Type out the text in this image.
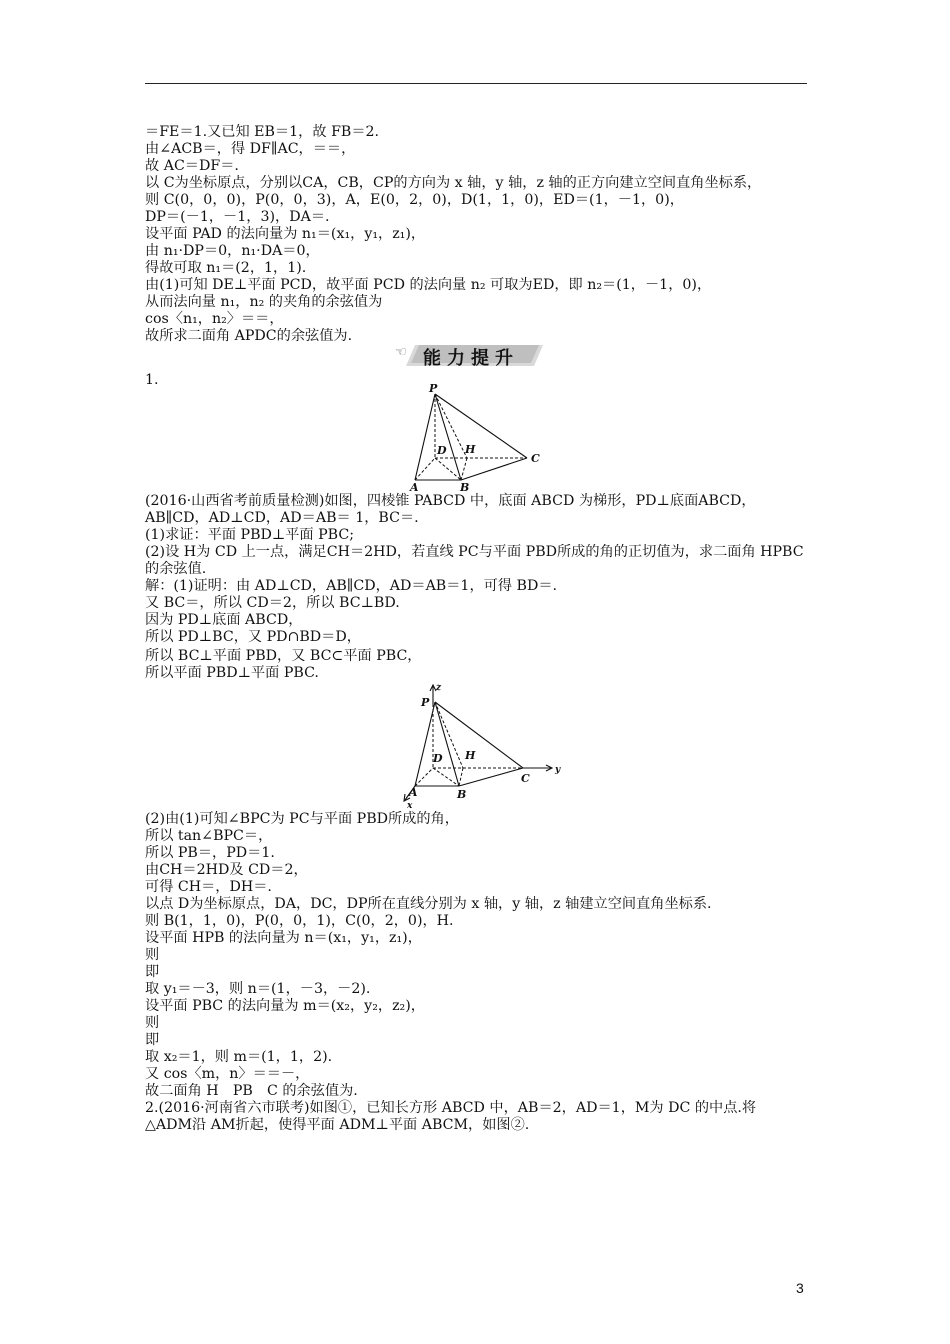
＝FE＝1.又已知 EB＝1，故 FB＝2.
由∠ACB＝，得 DF∥AC，＝＝，
故 AC＝DF＝.
以 C为坐标原点，分别以CA，CB，CP的方向为 x 轴，y 轴，z 轴的正方向建立空间直角坐标系，
则 C(0，0，0)，P(0，0，3)，A，E(0，2，0)，D(1，1，0)，ED＝(1，－1，0)，
DP＝(－1，－1，3)，DA＝.
设平面 PAD 的法向量为 n₁＝(x₁，y₁，z₁)，
由 n₁·DP＝0，n₁·DA＝0，
得故可取 n₁＝(2，1，1).
由(1)可知 DE⊥平面 PCD，故平面 PCD 的法向量 n₂ 可取为ED，即 n₂＝(1，－1，0)，
从而法向量 n₁，n₂ 的夹角的余弦值为
cos〈n₁，n₂〉＝＝，
故所求二面角 APDC的余弦值为.
☜ 能力提升
1.
P
D H
C
A	B
(2016·山西省考前质量检测)如图，四棱锥 PABCD 中，底面 ABCD 为梯形，PD⊥底面ABCD，AB∥CD，AD⊥CD，AD＝AB＝ 1，BC＝.
(1)求证：平面 PBD⊥平面 PBC;
(2)设 H为 CD 上一点，满足CH＝2HD，若直线 PC与平面 PBD所成的角的正切值为，求二面角 HPBC的余弦值.
解：(1)证明：由 AD⊥CD，AB∥CD，AD＝AB＝1，可得 BD＝.
又 BC＝，所以 CD＝2，所以 BC⊥BD.
因为 PD⊥底面 ABCD，
所以 PD⊥BC，又 PD∩BD＝D，
所以 BC⊥平面 PBD，又 BC⊂平面 PBC，
所以平面 PBD⊥平面 PBC.
z
P
D H
C
y
A	B
x
(2)由(1)可知∠BPC为 PC与平面 PBD所成的角，
所以 tan∠BPC＝，
所以 PB＝，PD＝1.
由CH＝2HD及 CD＝2，
可得 CH＝，DH＝.
以点 D为坐标原点，DA，DC，DP所在直线分别为 x 轴，y 轴，z 轴建立空间直角坐标系.
则 B(1，1，0)，P(0，0，1)，C(0，2，0)，H.
设平面 HPB 的法向量为 n＝(x₁，y₁，z₁)，
则
即
取 y₁＝－3，则 n＝(1，－3，－2).
设平面 PBC 的法向量为 m＝(x₂，y₂，z₂)，
则
即
取 x₂＝1，则 m＝(1，1，2).
又 cos〈m，n〉＝＝－，
故二面角 H　PB　C 的余弦值为.
2.(2016·河南省六市联考)如图①，已知长方形 ABCD 中，AB＝2，AD＝1，M为 DC 的中点.将
△ADM沿 AM折起，使得平面 ADM⊥平面 ABCM，如图②.
3
